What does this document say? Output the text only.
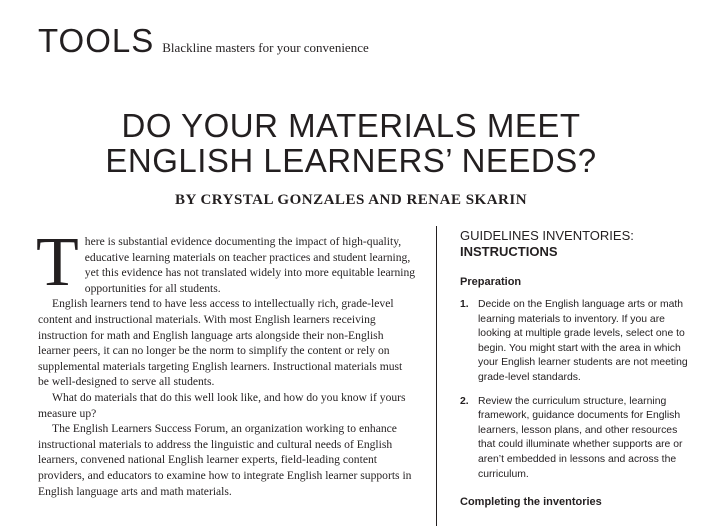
TOOLS Blackline masters for your convenience
DO YOUR MATERIALS MEET
ENGLISH LEARNERS’ NEEDS?
BY CRYSTAL GONZALES AND RENAE SKARIN

There is substantial evidence documenting the impact of high-quality, educative learning materials on teacher practices and student learning, yet this evidence has not translated widely into more equitable learning opportunities for all students.

English learners tend to have less access to intellectually rich, grade-level content and instructional materials. With most English learners receiving instruction for math and English language arts alongside their non-English learner peers, it can no longer be the norm to simplify the content or rely on supplemental materials targeting English learners. Instructional materials must be well-designed to serve all students.

What do materials that do this well look like, and how do you know if yours measure up?

The English Learners Success Forum, an organization working to enhance instructional materials to address the linguistic and cultural needs of English learners, convened national English learner experts, field-leading content providers, and educators to examine how to integrate English learner supports in English language arts and math materials.

GUIDELINES INVENTORIES:
INSTRUCTIONS
Preparation
1. Decide on the English language arts or math learning materials to inventory. If you are looking at multiple grade levels, select one to begin. You might start with the area in which your English learner students are not meeting grade-level standards.
2. Review the curriculum structure, learning framework, guidance documents for English learners, lesson plans, and other resources that could illuminate whether supports are or aren’t embedded in lessons and across the curriculum.
Completing the inventories
